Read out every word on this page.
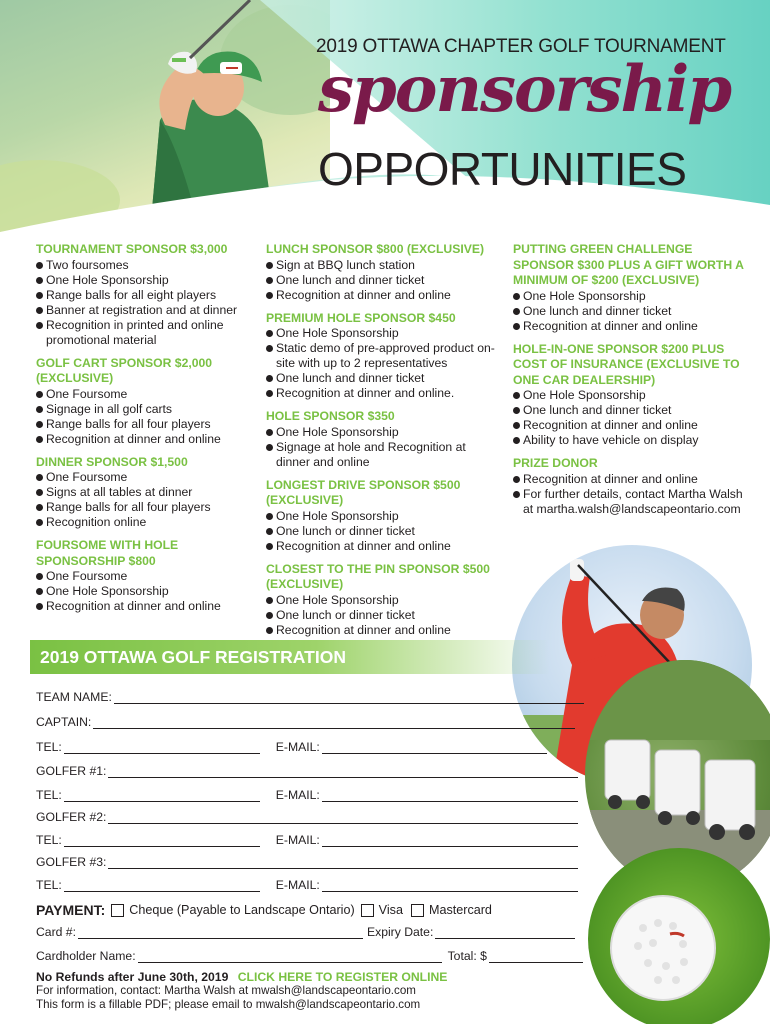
2019 OTTAWA CHAPTER GOLF TOURNAMENT
sponsorship
OPPORTUNITIES
TOURNAMENT SPONSOR $3,000
Two foursomes
One Hole Sponsorship
Range balls for all eight players
Banner at registration and at dinner
Recognition in printed and online promotional material
GOLF CART SPONSOR $2,000 (EXCLUSIVE)
One Foursome
Signage in all golf carts
Range balls for all four players
Recognition at dinner and online
DINNER SPONSOR $1,500
One Foursome
Signs at all tables at dinner
Range balls for all four players
Recognition online
FOURSOME WITH HOLE SPONSORSHIP $800
One Foursome
One Hole Sponsorship
Recognition at dinner and online
LUNCH SPONSOR $800 (EXCLUSIVE)
Sign at BBQ lunch station
One lunch and dinner ticket
Recognition at dinner and online
PREMIUM HOLE SPONSOR $450
One Hole Sponsorship
Static demo of pre-approved product on-site with up to 2 representatives
One lunch and dinner ticket
Recognition at dinner and online.
HOLE SPONSOR $350
One Hole Sponsorship
Signage at hole and Recognition at dinner and online
LONGEST DRIVE SPONSOR $500 (EXCLUSIVE)
One Hole Sponsorship
One lunch or dinner ticket
Recognition at dinner and online
CLOSEST TO THE PIN SPONSOR $500 (EXCLUSIVE)
One Hole Sponsorship
One lunch or dinner ticket
Recognition at dinner and online
PUTTING GREEN CHALLENGE SPONSOR $300 PLUS A GIFT WORTH A MINIMUM OF $200 (EXCLUSIVE)
One Hole Sponsorship
One lunch and dinner ticket
Recognition at dinner and online
HOLE-IN-ONE SPONSOR $200 PLUS COST OF INSURANCE (EXCLUSIVE TO ONE CAR DEALERSHIP)
One Hole Sponsorship
One lunch and dinner ticket
Recognition at dinner and online
Ability to have vehicle on display
PRIZE DONOR
Recognition at dinner and online
For further details, contact Martha Walsh at martha.walsh@landscapeontario.com
2019 OTTAWA GOLF REGISTRATION
TEAM NAME:
CAPTAIN:
TEL:	E-MAIL:
GOLFER #1:
TEL:	E-MAIL:
GOLFER #2:
TEL:	E-MAIL:
GOLFER #3:
TEL:	E-MAIL:
PAYMENT: Cheque (Payable to Landscape Ontario) Visa Mastercard
Card #:	Expiry Date:
Cardholder Name:	Total: $
No Refunds after June 30th, 2019 CLICK HERE TO REGISTER ONLINE
For information, contact: Martha Walsh at mwalsh@landscapeontario.com
This form is a fillable PDF; please email to mwalsh@landscapeontario.com
